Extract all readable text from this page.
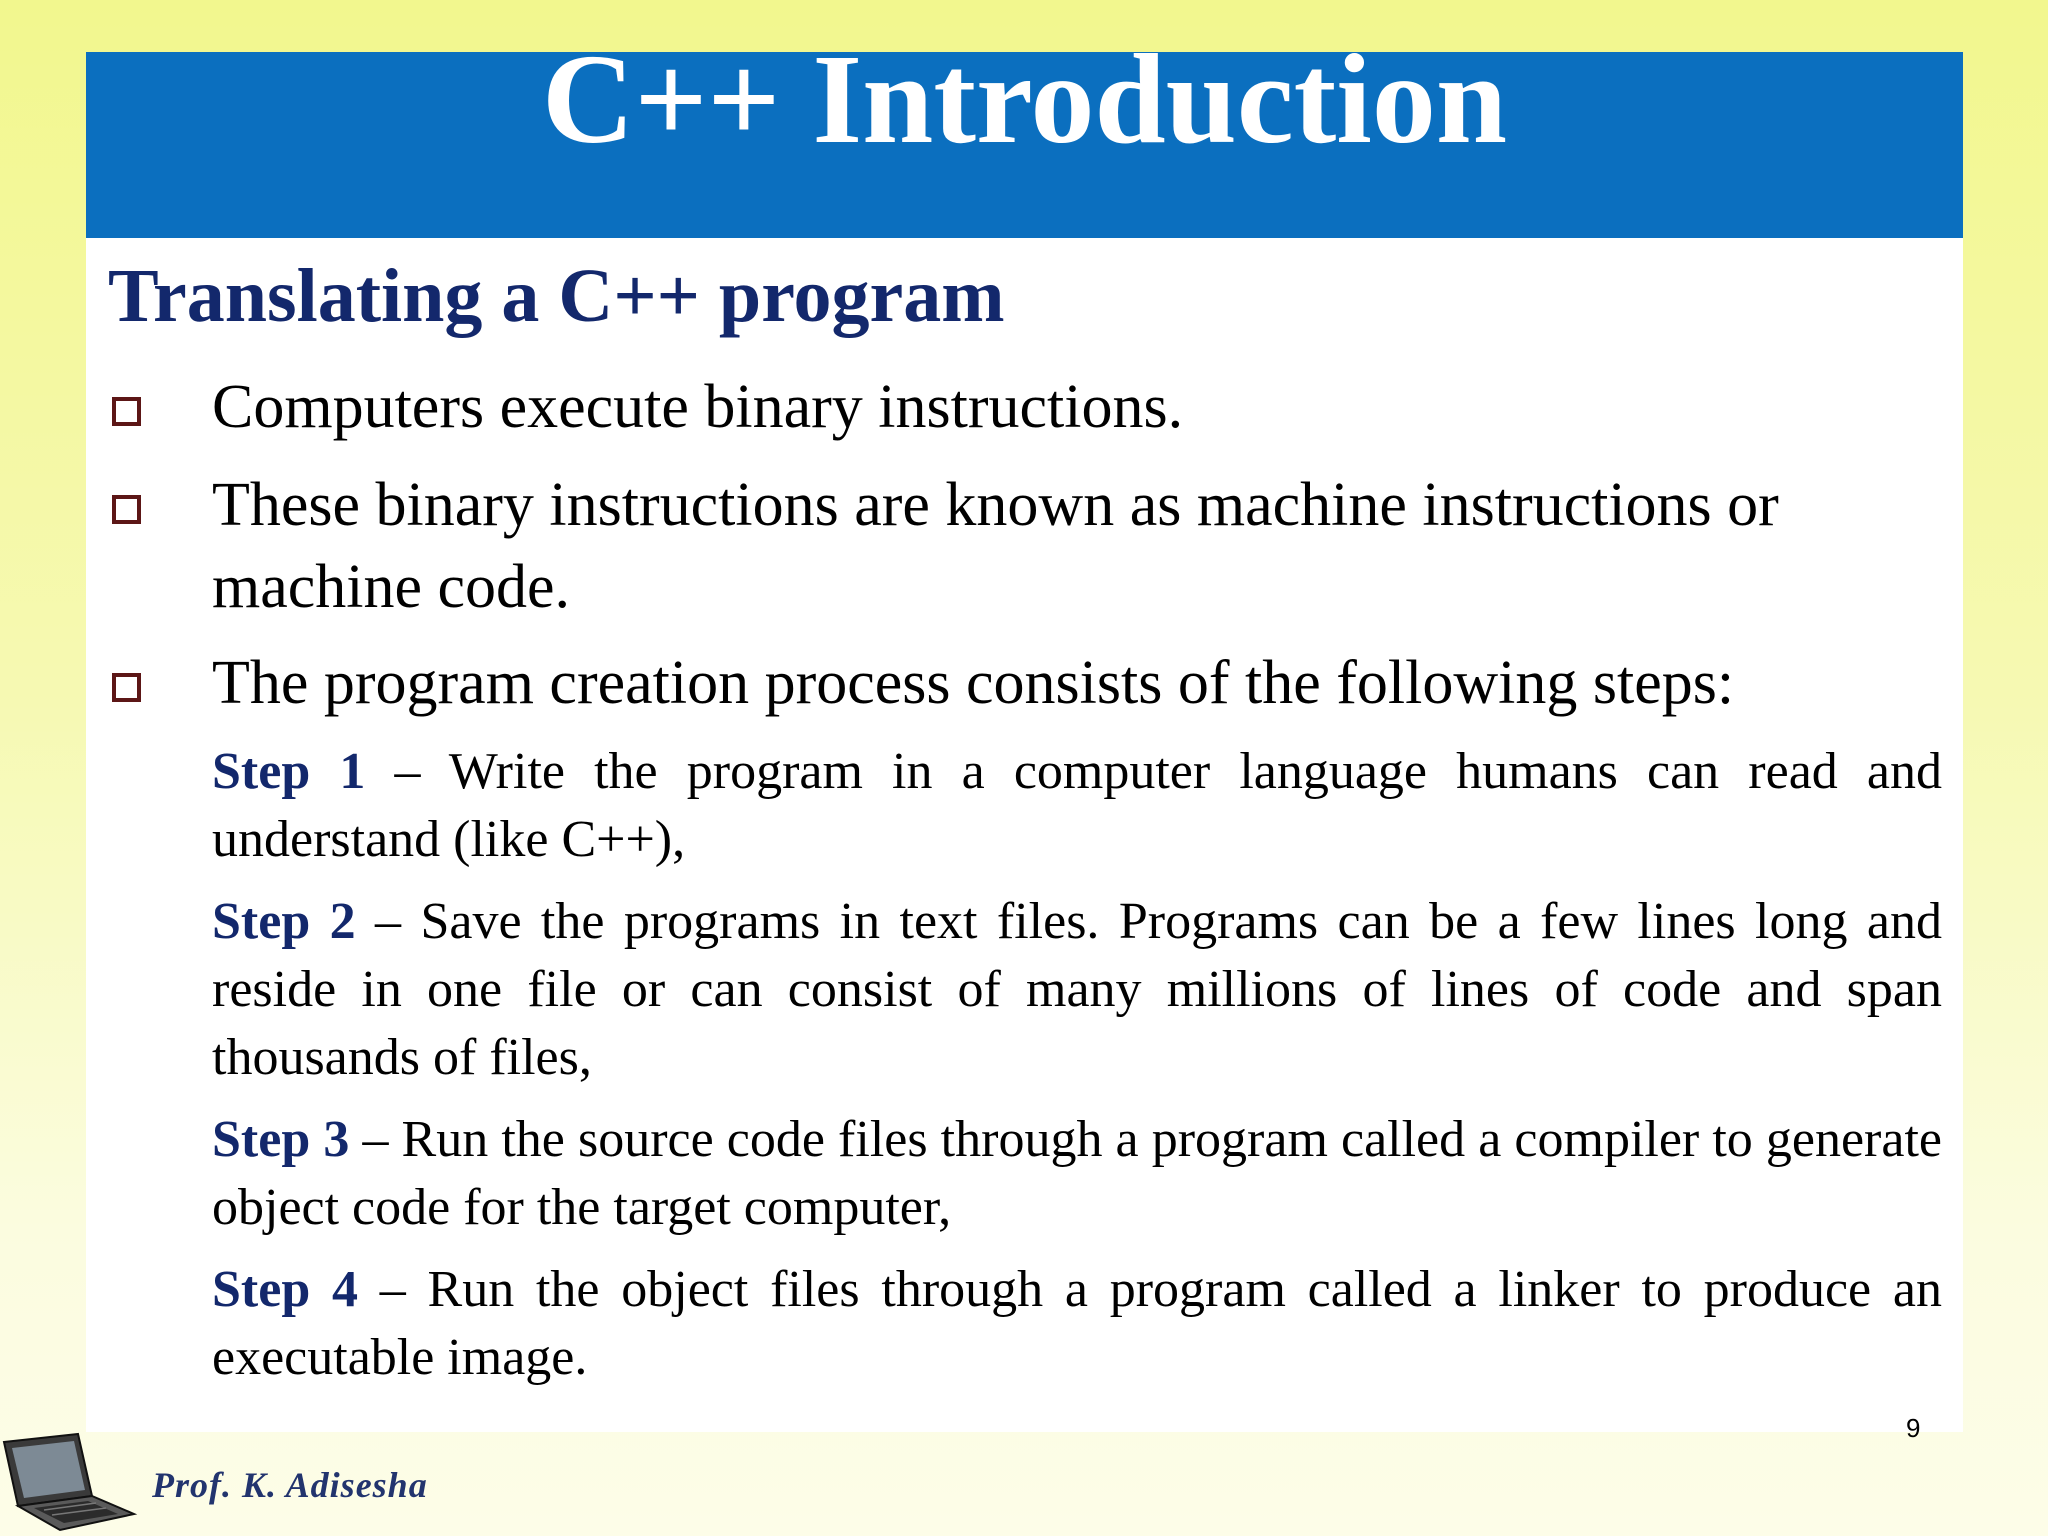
C++ Introduction
Translating a C++ program

Computers execute binary instructions.

These binary instructions are known as machine instructions or machine code.

The program creation process consists of the following steps:

Step 1 – Write the program in a computer language humans can read and understand (like C++),

Step 2 – Save the programs in text files. Programs can be a few lines long and reside in one file or can consist of many millions of lines of code and span thousands of files,

Step 3 – Run the source code files through a program called a compiler to generate object code for the target computer,

Step 4 – Run the object files through a program called a linker to produce an executable image.

9
Prof. K. Adisesha
